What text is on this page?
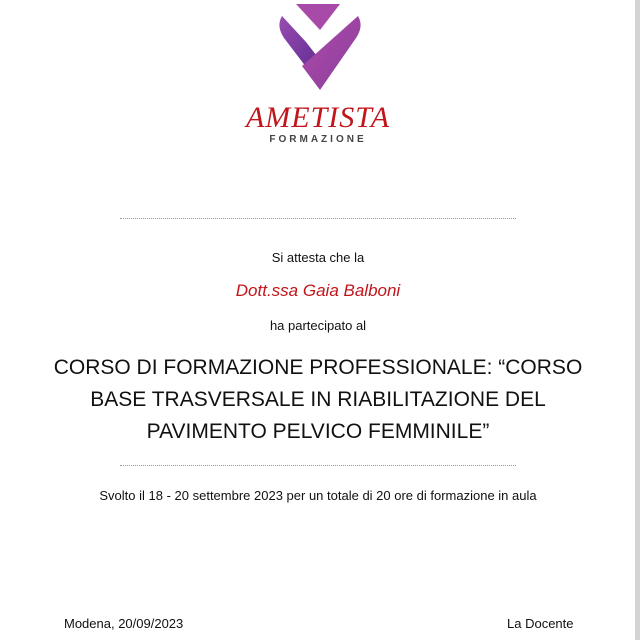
AMETISTA
FORMAZIONE
Si attesta che la
Dott.ssa Gaia Balboni
ha partecipato al
CORSO DI FORMAZIONE PROFESSIONALE: “CORSO
BASE TRASVERSALE IN RIABILITAZIONE DEL
PAVIMENTO PELVICO FEMMINILE”
Svolto il 18 - 20 settembre 2023 per un totale di 20 ore di formazione in aula
Modena, 20/09/2023	La Docente
